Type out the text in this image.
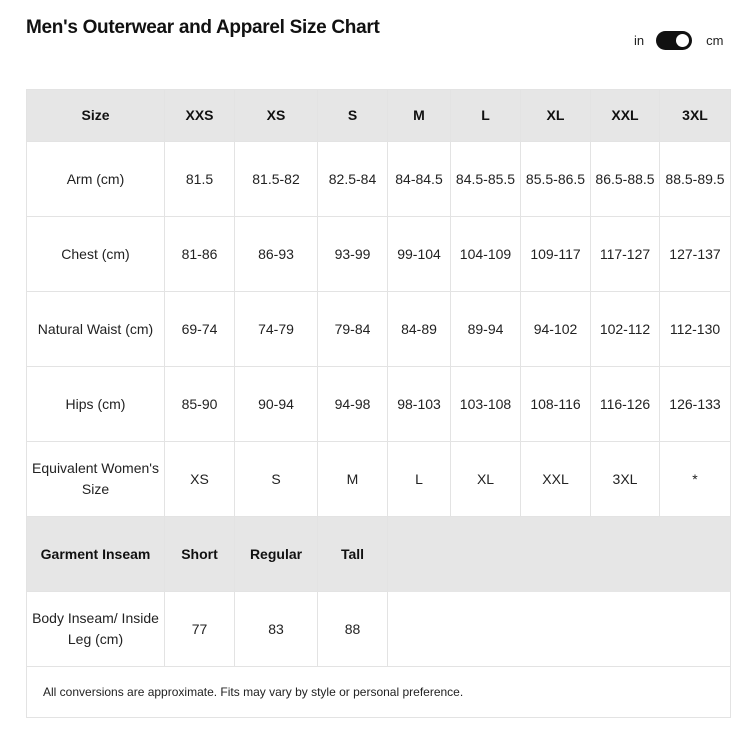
Men's Outerwear and Apparel Size Chart
in	cm
Size	XXS	XS	S	M	L	XL	XXL	3XL
Arm (cm)	81.5	81.5-82	82.5-84	84-84.5	84.5-85.5	85.5-86.5	86.5-88.5	88.5-89.5
Chest (cm)	81-86	86-93	93-99	99-104	104-109	109-117	117-127	127-137
Natural Waist (cm)	69-74	74-79	79-84	84-89	89-94	94-102	102-112	112-130
Hips (cm)	85-90	90-94	94-98	98-103	103-108	108-116	116-126	126-133
Equivalent Women's Size	XS	S	M	L	XL	XXL	3XL	*
Garment Inseam	Short	Regular	Tall					
Body Inseam/ Inside Leg (cm)	77	83	88					
All conversions are approximate. Fits may vary by style or personal preference.								
